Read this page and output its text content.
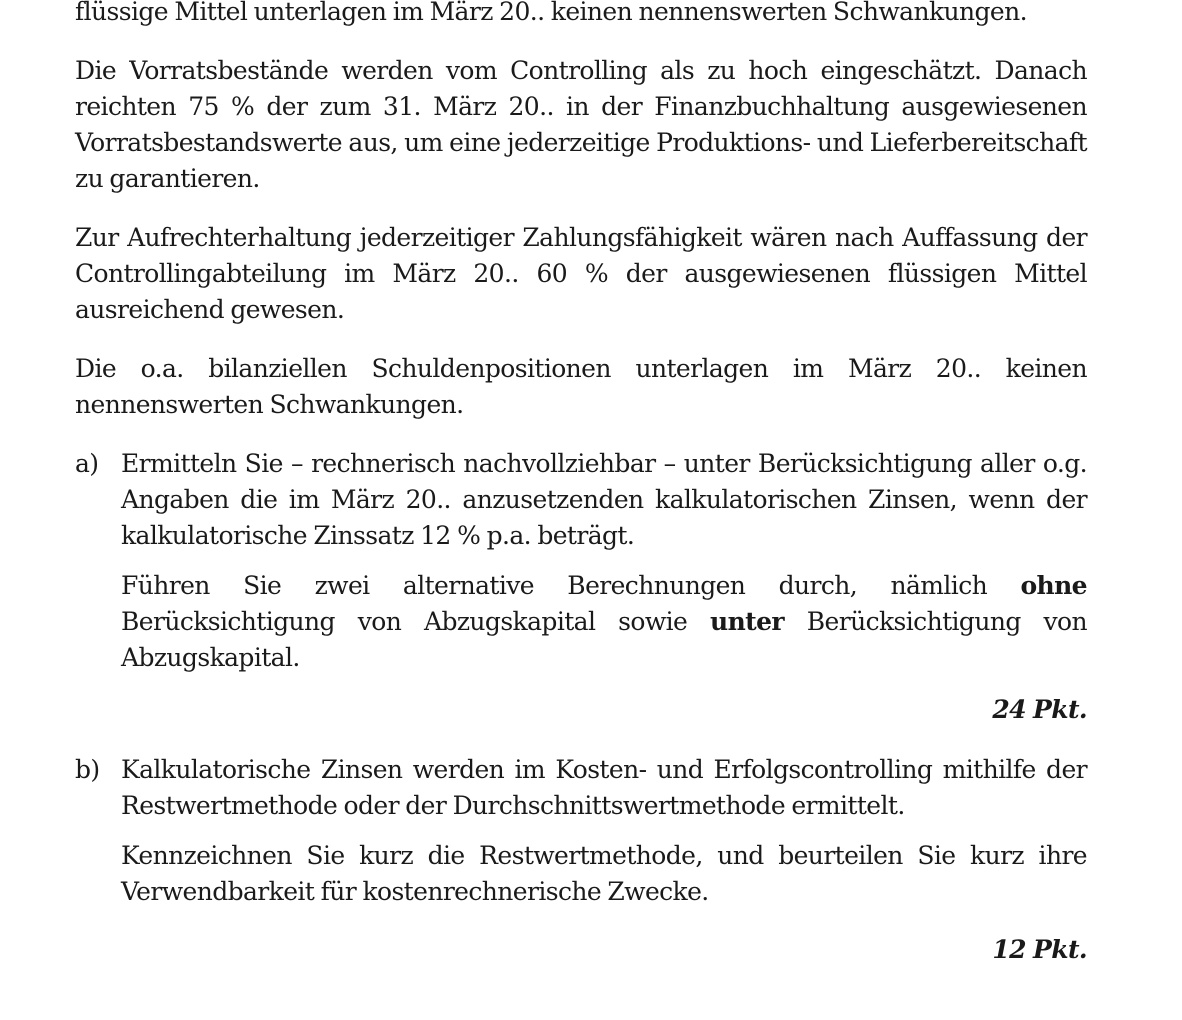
flüssige Mittel unterlagen im März 20.. keinen nennenswerten Schwankungen.

Die Vorratsbestände werden vom Controlling als zu hoch eingeschätzt. Danach reichten 75 % der zum 31. März 20.. in der Finanzbuchhaltung ausgewiesenen Vorratsbestandswerte aus, um eine jederzeitige Produktions- und Lieferbereitschaft zu garantieren.

Zur Aufrechterhaltung jederzeitiger Zahlungsfähigkeit wären nach Auffassung der Controllingabteilung im März 20.. 60 % der ausgewiesenen flüssigen Mittel ausreichend gewesen.

Die o.a. bilanziellen Schuldenpositionen unterlagen im März 20.. keinen nennenswerten Schwankungen.

a) Ermitteln Sie – rechnerisch nachvollziehbar – unter Berücksichtigung aller o.g. Angaben die im März 20.. anzusetzenden kalkulatorischen Zinsen, wenn der kalkulatorische Zinssatz 12 % p.a. beträgt.

Führen Sie zwei alternative Berechnungen durch, nämlich ohne Berücksichtigung von Abzugskapital sowie unter Berücksichtigung von Abzugskapital.

24 Pkt.
b) Kalkulatorische Zinsen werden im Kosten- und Erfolgscontrolling mithilfe der Restwertmethode oder der Durchschnittswertmethode ermittelt.

Kennzeichnen Sie kurz die Restwertmethode, und beurteilen Sie kurz ihre Verwendbarkeit für kostenrechnerische Zwecke.

12 Pkt.
